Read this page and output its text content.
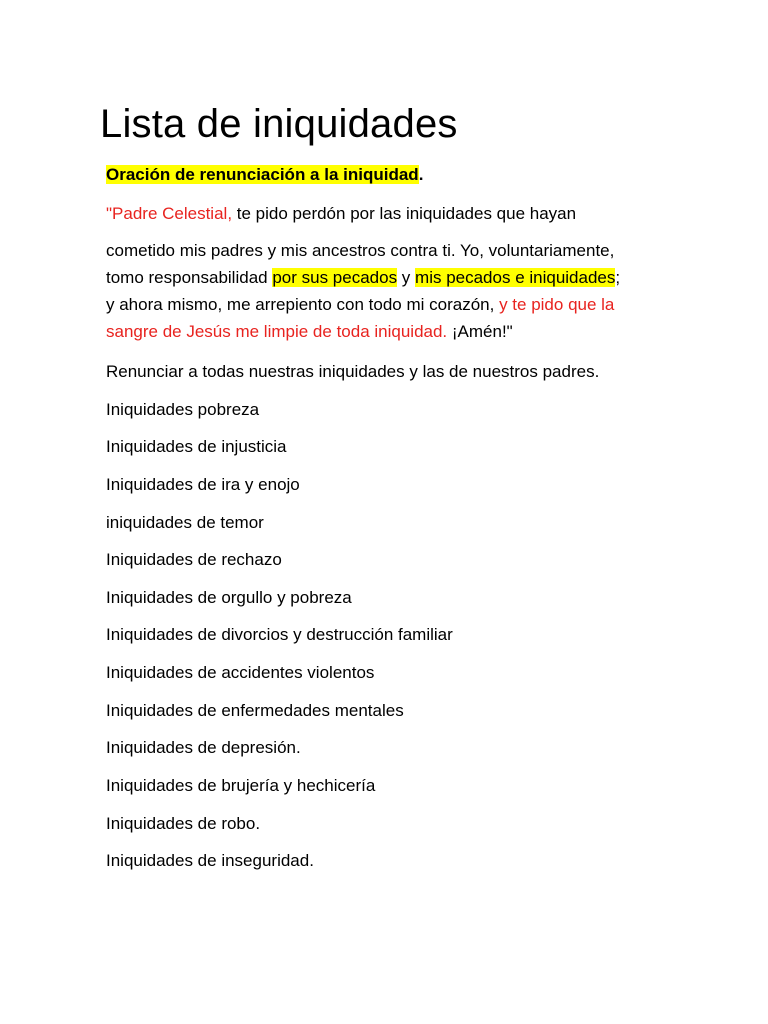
Lista de iniquidades
Oración de renunciación a la iniquidad.
"Padre Celestial, te pido perdón por las iniquidades que hayan
cometido mis padres y mis ancestros contra ti. Yo, voluntariamente,
tomo responsabilidad por sus pecados y mis pecados e iniquidades;
y ahora mismo, me arrepiento con todo mi corazón, y te pido que la
sangre de Jesús me limpie de toda iniquidad. ¡Amén!"
Renunciar a todas nuestras iniquidades y las de nuestros padres.
Iniquidades pobreza
Iniquidades de injusticia
Iniquidades de ira y enojo
iniquidades de temor
Iniquidades de rechazo
Iniquidades de orgullo y pobreza
Iniquidades de divorcios y destrucción familiar
Iniquidades de accidentes violentos
Iniquidades de enfermedades mentales
Iniquidades de depresión.
Iniquidades de brujería y hechicería
Iniquidades de robo.
Iniquidades de inseguridad.
